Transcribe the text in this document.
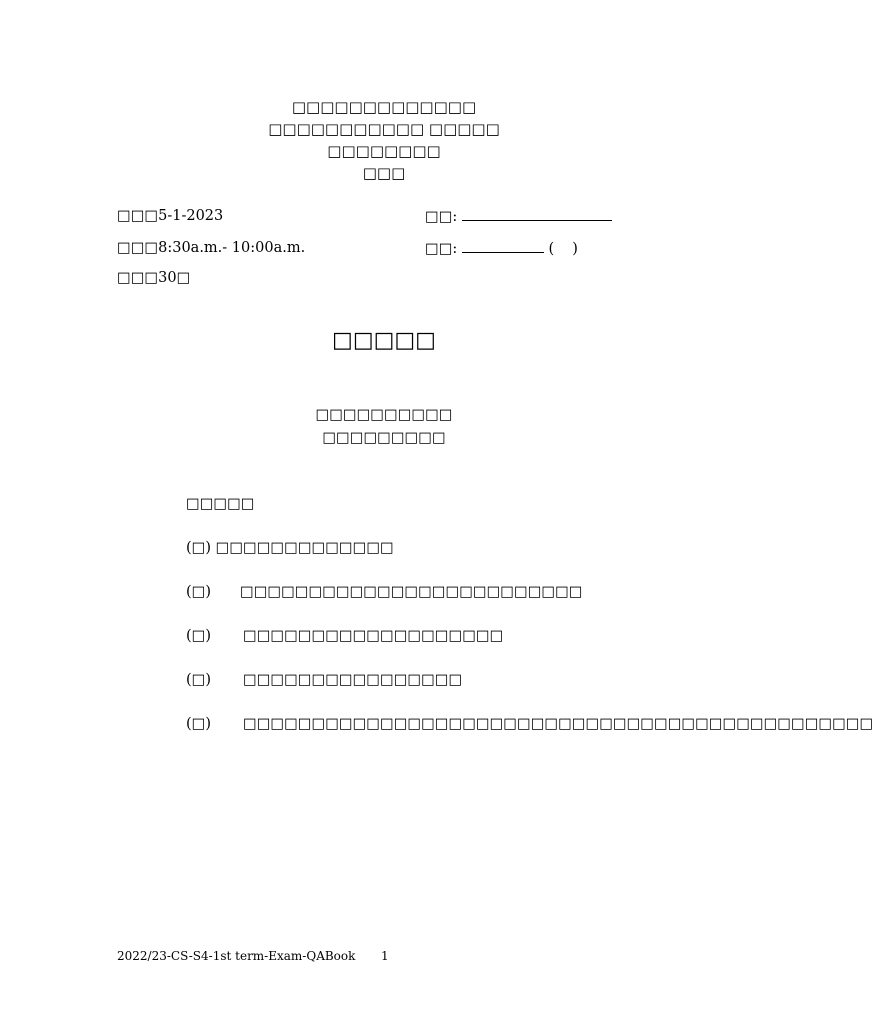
□□□□□□□□□□□□□
□□□□□□□□□□□ □□□□□
□□□□□□□□
□□□
□□□5-1-2023
□□□8:30a.m.- 10:00a.m.
□□□30□
□□:
□□:	( )
□□□□□
□□□□□□□□□□
□□□□□□□□□
□□□□□
(□) □□□□□□□□□□□□□
(□) □□□□□□□□□□□□□□□□□□□□□□□□□
(□) □□□□□□□□□□□□□□□□□□□
(□) □□□□□□□□□□□□□□□□
(□) □□□□□□□□□□□□□□□□□□□□□□□□□□□□□□□□□□□□□□□□□□□□□□
2022/23-CS-S4-1st term-Exam-QABook 1
